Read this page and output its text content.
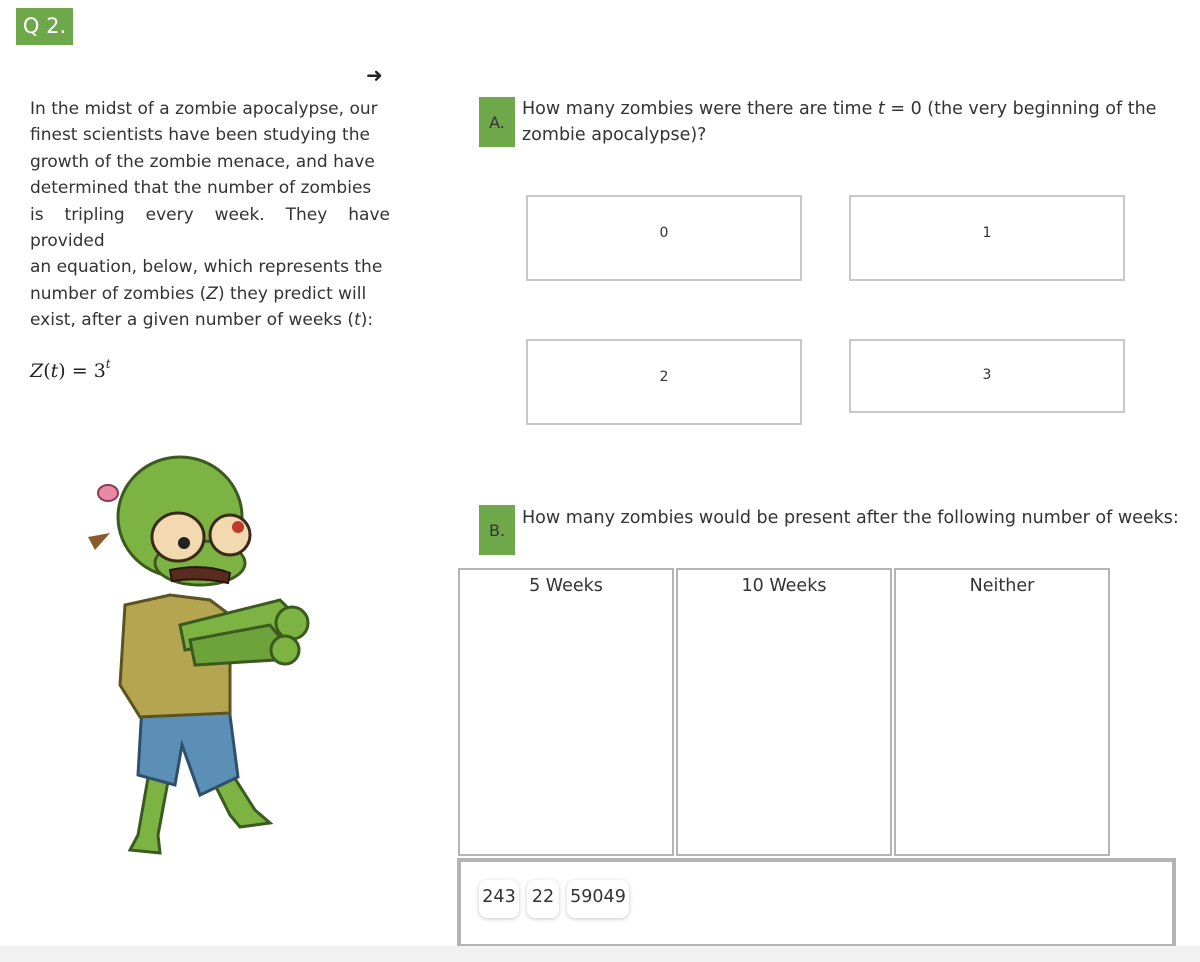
Q 2.
➜
In the midst of a zombie apocalypse, our
finest scientists have been studying the
growth of the zombie menace, and have
determined that the number of zombies
is tripling every week. They have provided
an equation, below, which represents the
number of zombies (Z) they predict will
exist, after a given number of weeks (t):
$Z(t) = 3^t$
A.
How many zombies were there are time t = 0 (the very beginning of the
zombie apocalypse)?
0	1
2	3
B.
How many zombies would be present after the following number of weeks:
5 Weeks	10 Weeks	Neither
243 22 59049
